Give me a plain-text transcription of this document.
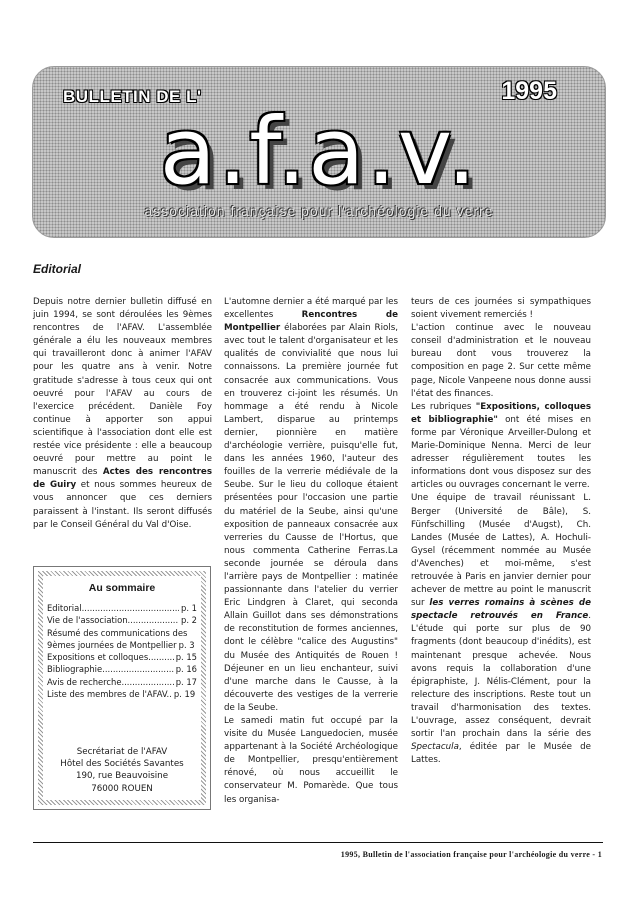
BULLETIN DE L'	1995
a.f.a.v.
association française pour l'archéologie du verre
Editorial

Depuis notre dernier bulletin diffusé en juin 1994, se sont déroulées les 9èmes rencontres de l'AFAV. L'assemblée générale a élu les nouveaux membres qui travailleront donc à animer l'AFAV pour les quatre ans à venir. Notre gratitude s'adresse à tous ceux qui ont oeuvré pour l'AFAV au cours de l'exercice précédent. Danièle Foy continue à apporter son appui scientifique à l'association dont elle est restée vice présidente : elle a beaucoup oeuvré pour mettre au point le manuscrit des Actes des rencontres de Guiry et nous sommes heureux de vous annoncer que ces derniers paraissent à l'instant. Ils seront diffusés par le Conseil Général du Val d'Oise.

Au sommaire
Editorial .....	p. 1
Vie de l'association .....	p. 2
Résumé des communications des
9èmes journées de Montpellier p. 3
Expositions et colloques .....	p. 15
Bibliographie .....	p. 16
Avis de recherche .....	p. 17
Liste des membres de l'AFAV.. p. 19
Secrétariat de l'AFAV
Hôtel des Sociétés Savantes
190, rue Beauvoisine
76000 ROUEN

L'automne dernier a été marqué par les excellentes Rencontres de Montpellier élaborées par Alain Riols, avec tout le talent d'organisateur et les qualités de convivialité que nous lui connaissons. La première journée fut consacrée aux communications. Vous en trouverez ci-joint les résumés. Un hommage a été rendu à Nicole Lambert, disparue au printemps dernier, pionnière en matière d'archéologie verrière, puisqu'elle fut, dans les années 1960, l'auteur des fouilles de la verrerie médiévale de la Seube. Sur le lieu du colloque étaient présentées pour l'occasion une partie du matériel de la Seube, ainsi qu'une exposition de panneaux consacrée aux verreries du Causse de l'Hortus, que nous commenta Catherine Ferras.La seconde journée se déroula dans l'arrière pays de Montpellier : matinée passionnante dans l'atelier du verrier Eric Lindgren à Claret, qui seconda Allain Guillot dans ses démonstrations de reconstitution de formes anciennes, dont le célèbre "calice des Augustins" du Musée des Antiquités de Rouen ! Déjeuner en un lieu enchanteur, suivi d'une marche dans le Causse, à la découverte des vestiges de la verrerie de la Seube.

Le samedi matin fut occupé par la visite du Musée Languedocien, musée appartenant à la Société Archéologique de Montpellier, presqu'entièrement rénové, où nous accueillit le conservateur M. Pomarède. Que tous les organisa-

teurs de ces journées si sympathiques soient vivement remerciés !

L'action continue avec le nouveau conseil d'administration et le nouveau bureau dont vous trouverez la composition en page 2. Sur cette même page, Nicole Vanpeene nous donne aussi l'état des finances.

Les rubriques "Expositions, colloques et bibliographie" ont été mises en forme par Véronique Arveiller-Dulong et Marie-Dominique Nenna. Merci de leur adresser régulièrement toutes les informations dont vous disposez sur des articles ou ouvrages concernant le verre.

Une équipe de travail réunissant L. Berger (Université de Bâle), S. Fünfschilling (Musée d'Augst), Ch. Landes (Musée de Lattes), A. Hochuli-Gysel (récemment nommée au Musée d'Avenches) et moi-même, s'est retrouvée à Paris en janvier dernier pour achever de mettre au point le manuscrit sur les verres romains à scènes de spectacle retrouvés en France. L'étude qui porte sur plus de 90 fragments (dont beaucoup d'inédits), est maintenant presque achevée. Nous avons requis la collaboration d'une épigraphiste, J. Nélis-Clément, pour la relecture des inscriptions. Reste tout un travail d'harmonisation des textes. L'ouvrage, assez conséquent, devrait sortir l'an prochain dans la série des Spectacula, éditée par le Musée de Lattes.

1995, Bulletin de l'association française pour l'archéologie du verre - 1
